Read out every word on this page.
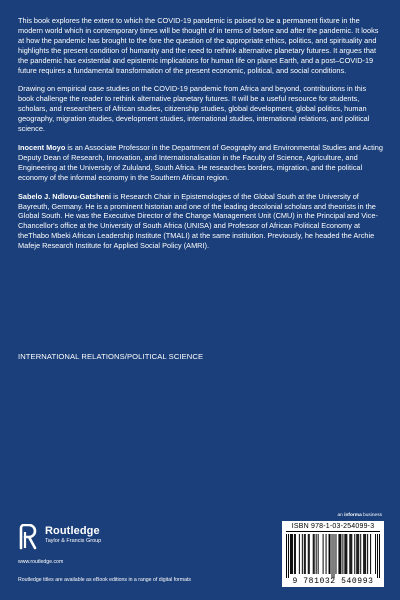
This book explores the extent to which the COVID-19 pandemic is poised to be a permanent fixture in the modern world which in contemporary times will be thought of in terms of before and after the pandemic. It looks at how the pandemic has brought to the fore the question of the appropriate ethics, politics, and spirituality and highlights the present condition of humanity and the need to rethink alternative planetary futures. It argues that the pandemic has existential and epistemic implications for human life on planet Earth, and a post–COVID-19 future requires a fundamental transformation of the present economic, political, and social conditions.

Drawing on empirical case studies on the COVID-19 pandemic from Africa and beyond, contributions in this book challenge the reader to rethink alternative planetary futures. It will be a useful resource for students, scholars, and researchers of African studies, citizenship studies, global development, global politics, human geography, migration studies, development studies, international studies, international relations, and political science.

Inocent Moyo is an Associate Professor in the Department of Geography and Environmental Studies and Acting Deputy Dean of Research, Innovation, and Internationalisation in the Faculty of Science, Agriculture, and Engineering at the University of Zululand, South Africa. He researches borders, migration, and the political economy of the informal economy in the Southern African region.

Sabelo J. Ndlovu-Gatsheni is Research Chair in Epistemologies of the Global South at the University of Bayreuth, Germany. He is a prominent historian and one of the leading decolonial scholars and theorists in the Global South. He was the Executive Director of the Change Management Unit (CMU) in the Principal and Vice-Chancellor's office at the University of South Africa (UNISA) and Professor of African Political Economy at theThabo Mbeki African Leadership Institute (TMALI) at the same institution. Previously, he headed the Archie Mafeje Research Institute for Applied Social Policy (AMRI).

INTERNATIONAL RELATIONS/POLITICAL SCIENCE
Routledge
Taylor & Francis Group
www.routledge.com
Routledge titles are available as eBook editions in a range of digital formats
an informa business
ISBN 978-1-03-254099-3
9 781032 540993
